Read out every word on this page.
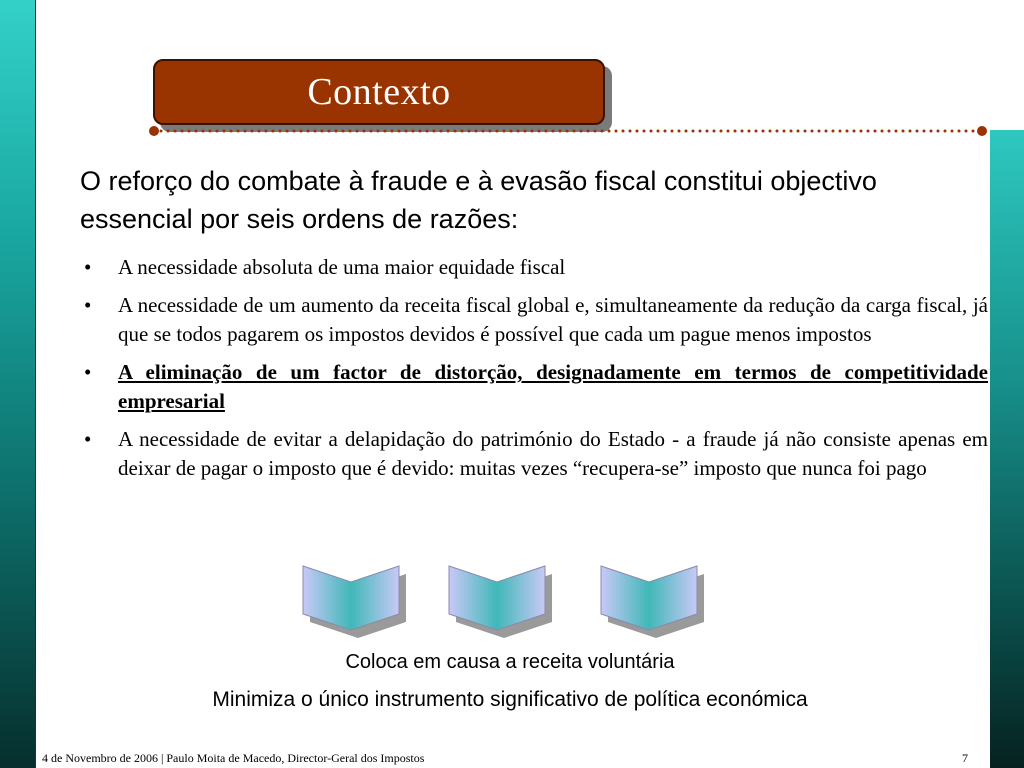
Contexto
O reforço do combate à fraude e à evasão fiscal constitui objectivo essencial por seis ordens de razões:
• A necessidade absoluta de uma maior equidade fiscal
• A necessidade de um aumento da receita fiscal global e, simultaneamente da redução da carga fiscal, já que se todos pagarem os impostos devidos é possível que cada um pague menos impostos
• A eliminação de um factor de distorção, designadamente em termos de competitividade empresarial
• A necessidade de evitar a delapidação do património do Estado - a fraude já não consiste apenas em deixar de pagar o imposto que é devido: muitas vezes “recupera-se” imposto que nunca foi pago
Coloca em causa a receita voluntária
Minimiza o único instrumento significativo de política económica
4 de Novembro de 2006 | Paulo Moita de Macedo, Director-Geral dos Impostos	7
